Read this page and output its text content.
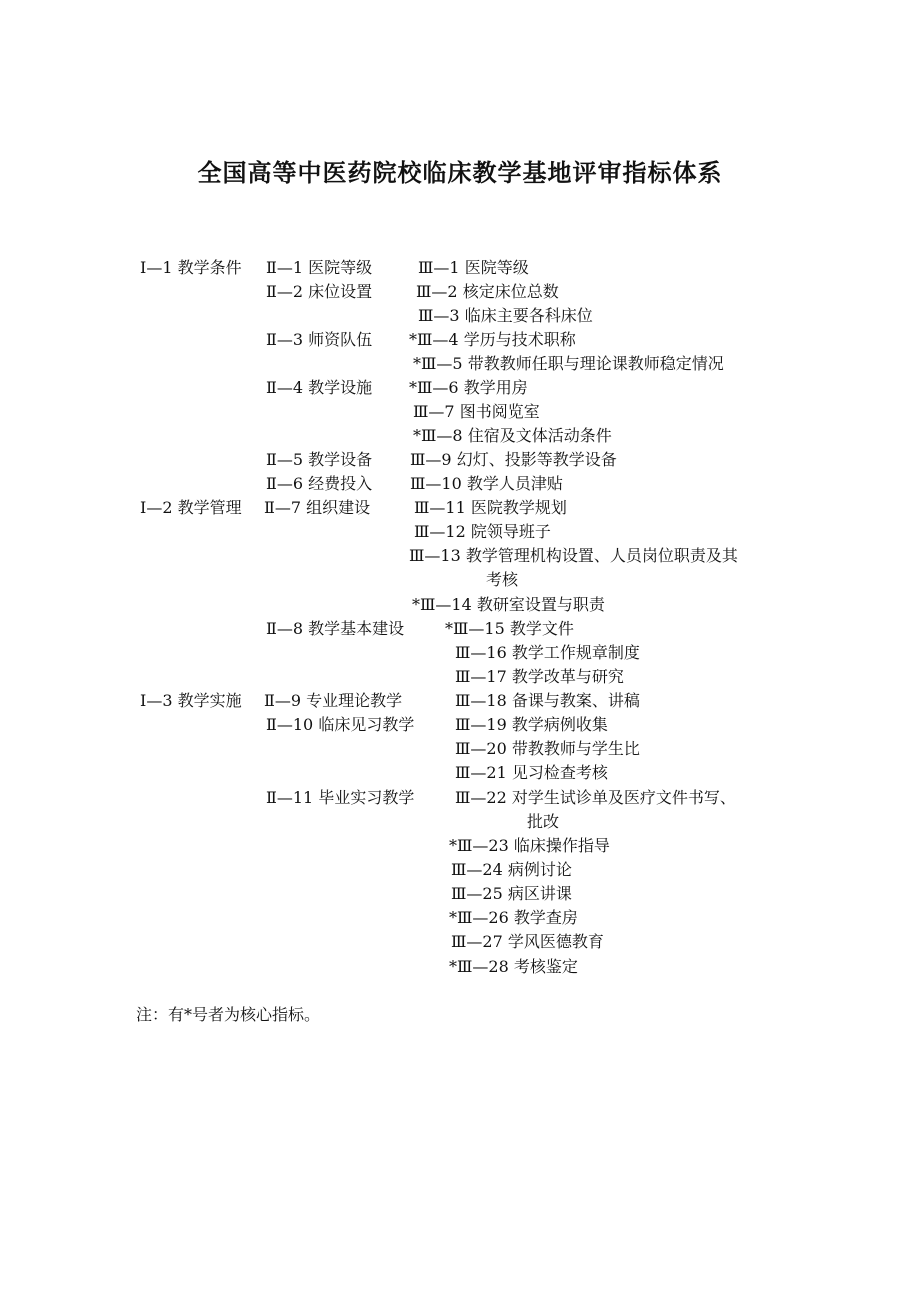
全国高等中医药院校临床教学基地评审指标体系
Ⅰ—1 教学条件
Ⅰ—2 教学管理
Ⅰ—3 教学实施
Ⅱ—1 医院等级
Ⅱ—2 床位设置
Ⅱ—3 师资队伍
Ⅱ—4 教学设施
Ⅱ—5 教学设备
Ⅱ—6 经费投入
Ⅱ—7 组织建设
Ⅱ—8 教学基本建设
Ⅱ—9 专业理论教学
Ⅱ—10 临床见习教学
Ⅱ—11 毕业实习教学
Ⅲ—1 医院等级
Ⅲ—2 核定床位总数
Ⅲ—3 临床主要各科床位
*Ⅲ—4 学历与技术职称
*Ⅲ—5 带教教师任职与理论课教师稳定情况
*Ⅲ—6 教学用房
Ⅲ—7 图书阅览室
*Ⅲ—8 住宿及文体活动条件
Ⅲ—9 幻灯、投影等教学设备
Ⅲ—10 教学人员津贴
Ⅲ—11 医院教学规划
Ⅲ—12 院领导班子
Ⅲ—13 教学管理机构设置、人员岗位职责及其
考核
*Ⅲ—14 教研室设置与职责
*Ⅲ—15 教学文件
Ⅲ—16 教学工作规章制度
Ⅲ—17 教学改革与研究
Ⅲ—18 备课与教案、讲稿
Ⅲ—19 教学病例收集
Ⅲ—20 带教教师与学生比
Ⅲ—21 见习检查考核
Ⅲ—22 对学生试诊单及医疗文件书写、
批改
*Ⅲ—23 临床操作指导
Ⅲ—24 病例讨论
Ⅲ—25 病区讲课
*Ⅲ—26 教学查房
Ⅲ—27 学风医德教育
*Ⅲ—28 考核鉴定
注：有*号者为核心指标。
